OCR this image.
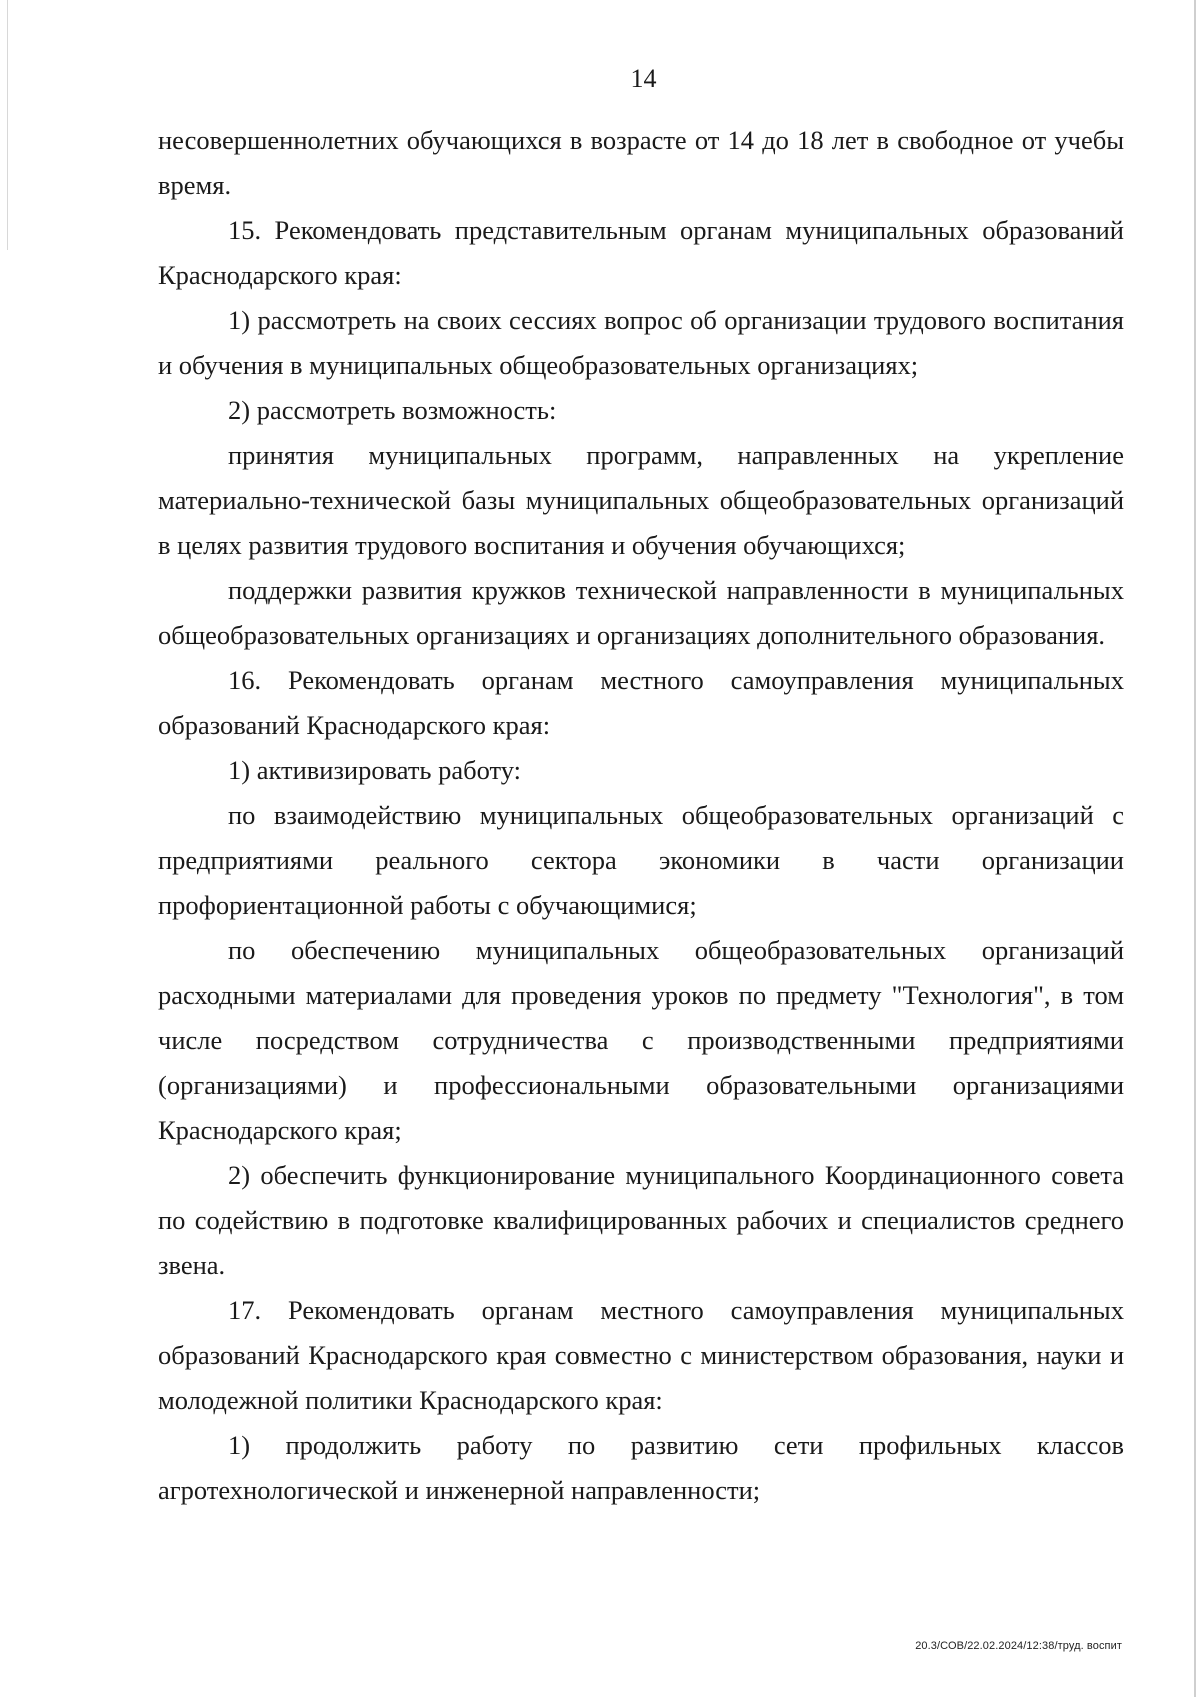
14

несовершеннолетних обучающихся в возрасте от 14 до 18 лет в свободное от учебы время.

15. Рекомендовать представительным органам муниципальных образований Краснодарского края:

1) рассмотреть на своих сессиях вопрос об организации трудового воспитания и обучения в муниципальных общеобразовательных организациях;

2) рассмотреть возможность:

принятия муниципальных программ, направленных на укрепление материально-технической базы муниципальных общеобразовательных организаций в целях развития трудового воспитания и обучения обучающихся;

поддержки развития кружков технической направленности в муниципальных общеобразовательных организациях и организациях дополнительного образования.

16. Рекомендовать органам местного самоуправления муниципальных образований Краснодарского края:

1) активизировать работу:

по взаимодействию муниципальных общеобразовательных организаций с предприятиями реального сектора экономики в части организации профориентационной работы с обучающимися;

по обеспечению муниципальных общеобразовательных организаций расходными материалами для проведения уроков по предмету "Технология", в том числе посредством сотрудничества с производственными предприятиями (организациями) и профессиональными образовательными организациями Краснодарского края;

2) обеспечить функционирование муниципального Координационного совета по содействию в подготовке квалифицированных рабочих и специалистов среднего звена.

17. Рекомендовать органам местного самоуправления муниципальных образований Краснодарского края совместно с министерством образования, науки и молодежной политики Краснодарского края:

1) продолжить работу по развитию сети профильных классов агротехнологической и инженерной направленности;

20.3/СОВ/22.02.2024/12:38/труд. воспит
